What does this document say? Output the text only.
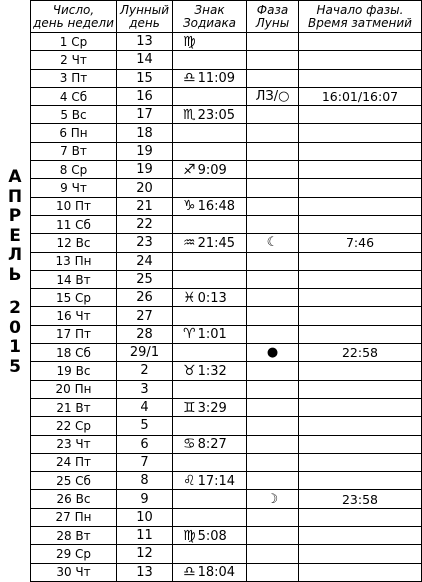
А
П
Р
Е
Л
Ь
2
0
1
5
Число,
день недели	Лунный
день	Знак
Зодиака	Фаза
Луны	Начало фазы.
Время затмений
1 Ср	13	♍		
2 Чт	14			
3 Пт	15	♎ 11:09		
4 Сб	16		ЛЗ/○	16:01/16:07
5 Вс	17	♏ 23:05		
6 Пн	18			
7 Вт	19			
8 Ср	19	♐ 9:09		
9 Чт	20			
10 Пт	21	♑ 16:48		
11 Сб	22			
12 Вс	23	♒ 21:45	☾	7:46
13 Пн	24			
14 Вт	25			
15 Ср	26	♓ 0:13		
16 Чт	27			
17 Пт	28	♈ 1:01		
18 Сб	29/1		●	22:58
19 Вс	2	♉ 1:32		
20 Пн	3			
21 Вт	4	♊ 3:29		
22 Ср	5			
23 Чт	6	♋ 8:27		
24 Пт	7			
25 Сб	8	♌ 17:14		
26 Вс	9		☽	23:58
27 Пн	10			
28 Вт	11	♍ 5:08		
29 Ср	12			
30 Чт	13	♎ 18:04		
